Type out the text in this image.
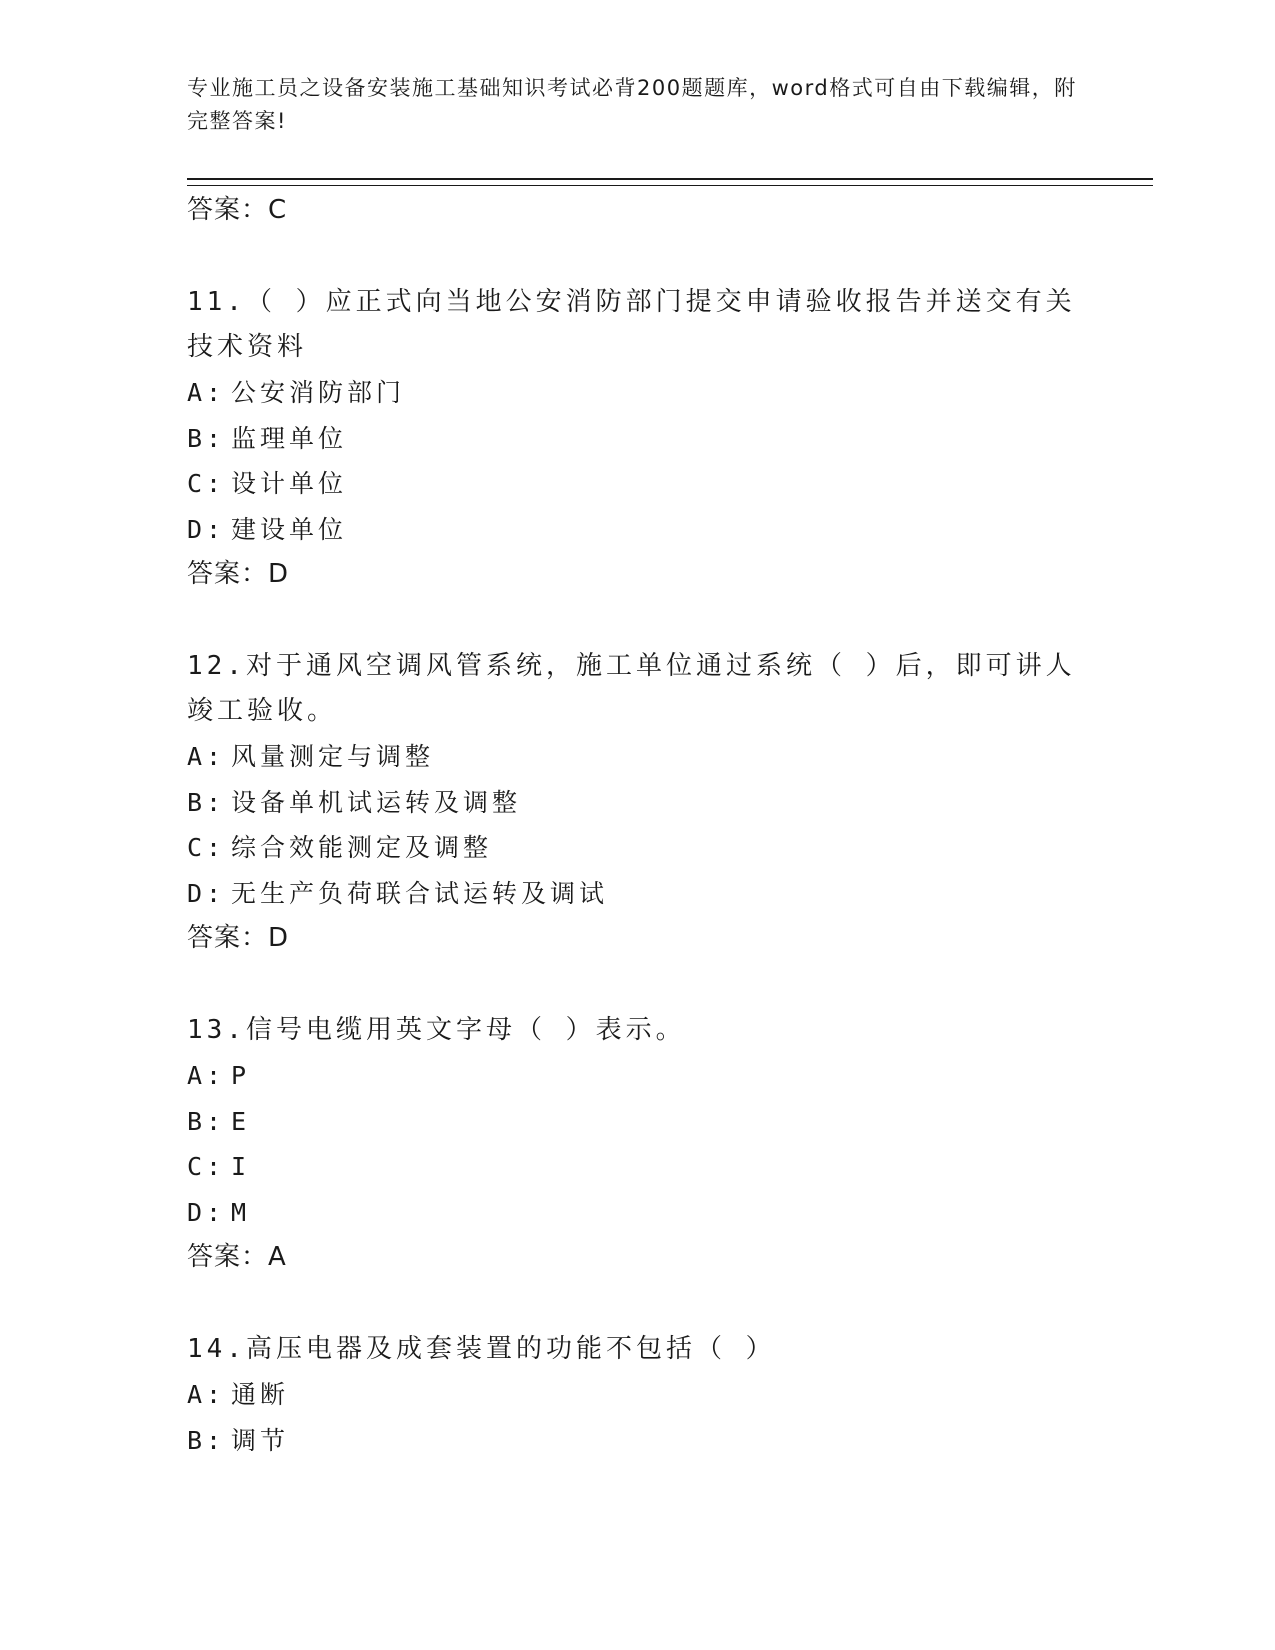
专业施工员之设备安装施工基础知识考试必背200题题库，word格式可自由下载编辑，附完整答案!
答案：C
11.（ ）应正式向当地公安消防部门提交申请验收报告并送交有关技术资料
A: 公安消防部门
B: 监理单位
C: 设计单位
D: 建设单位
答案：D
12.对于通风空调风管系统，施工单位通过系统（ ）后，即可讲人竣工验收。
A: 风量测定与调整
B: 设备单机试运转及调整
C: 综合效能测定及调整
D: 无生产负荷联合试运转及调试
答案：D
13.信号电缆用英文字母（ ）表示。
A: P
B: E
C: I
D: M
答案：A
14.高压电器及成套装置的功能不包括（ ）
A: 通断
B: 调节
